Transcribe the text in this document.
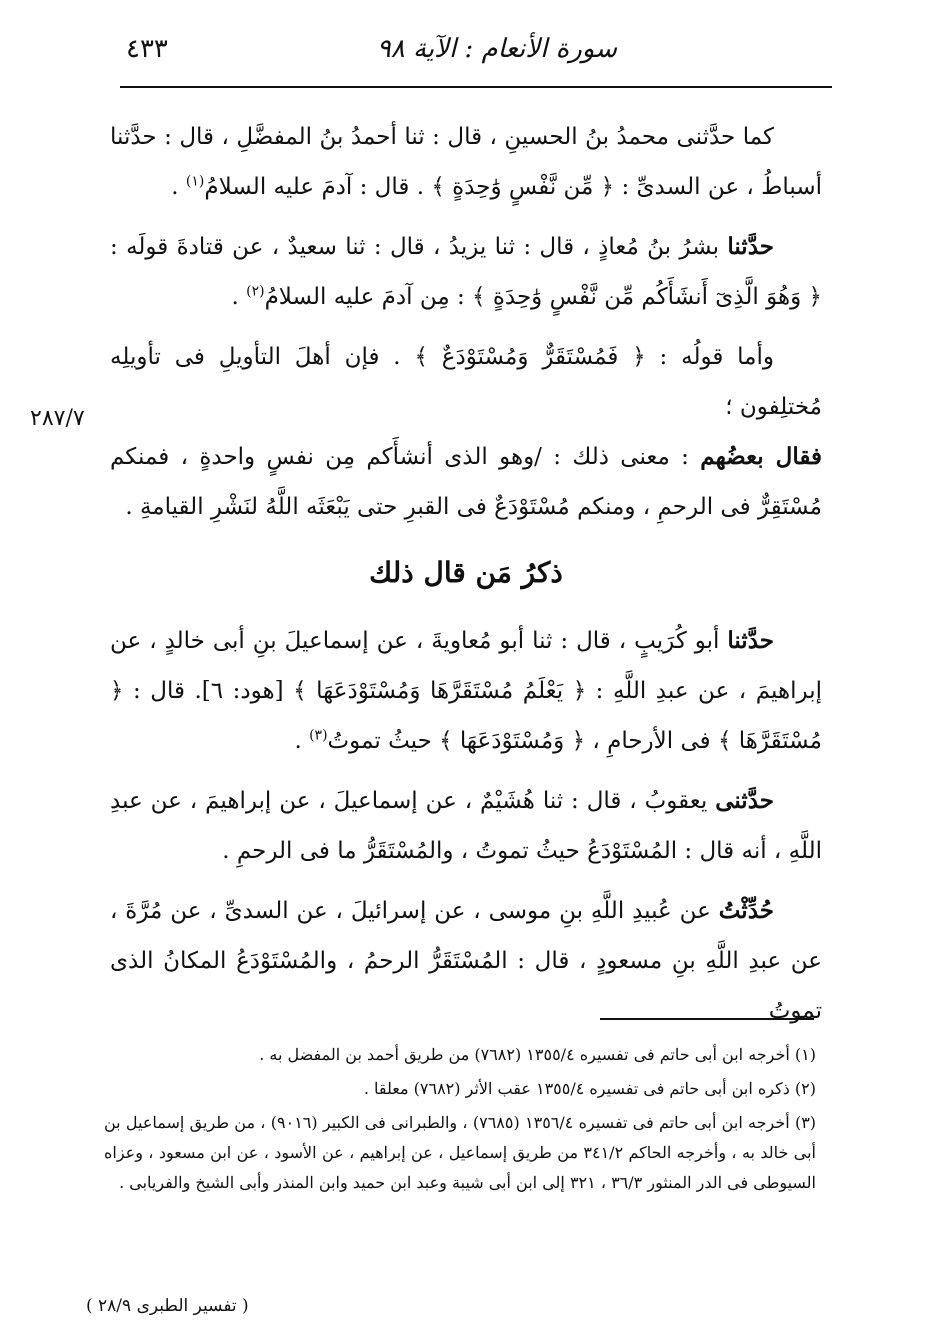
سورة الأنعام : الآية ٩٨
٤٣٣
٢٨٧/٧

كما حدَّثنى محمدُ بنُ الحسينِ ، قال : ثنا أحمدُ بنُ المفضَّلِ ، قال : حدَّثنا أسباطُ ، عن السدىِّ : ﴿ مِّن نَّفْسٍ وَٰحِدَةٍ ﴾ . قال : آدمَ عليه السلامُ$^{(١)}$ .

حدَّثنا بشرُ بنُ مُعاذٍ ، قال : ثنا يزيدُ ، قال : ثنا سعيدٌ ، عن قتادةَ قولَه : ﴿ وَهُوَ الَّذِىٓ أَنشَأَكُم مِّن نَّفْسٍ وَٰحِدَةٍ ﴾ : مِن آدمَ عليه السلامُ$^{(٢)}$ .

وأما قولُه : ﴿ فَمُسْتَقَرٌّ وَمُسْتَوْدَعٌ ﴾ . فإن أهلَ التأويلِ فى تأويلِه مُختلِفون ؛

فقال بعضُهم : معنى ذلك : /وهو الذى أنشأَكم مِن نفسٍ واحدةٍ ، فمنكم مُسْتَقِرٌّ فى الرحمِ ، ومنكم مُسْتَوْدَعٌ فى القبرِ حتى يَبْعَثَه اللَّهُ لنَشْرِ القيامةِ .

ذكرُ مَن قال ذلك

حدَّثنا أبو كُرَيبٍ ، قال : ثنا أبو مُعاويةَ ، عن إسماعيلَ بنِ أبى خالدٍ ، عن إبراهيمَ ، عن عبدِ اللَّهِ : ﴿ يَعْلَمُ مُسْتَقَرَّهَا وَمُسْتَوْدَعَهَا ﴾ [هود: ٦]. قال : ﴿ مُسْتَقَرَّهَا ﴾ فى الأرحامِ ، ﴿ وَمُسْتَوْدَعَهَا ﴾ حيثُ تموتُ$^{(٣)}$ .

حدَّثنى يعقوبُ ، قال : ثنا هُشَيْمٌ ، عن إسماعيلَ ، عن إبراهيمَ ، عن عبدِ اللَّهِ ، أنه قال : المُسْتَوْدَعُ حيثُ تموتُ ، والمُسْتَقَرُّ ما فى الرحمِ .

حُدِّثْتُ عن عُبيدِ اللَّهِ بنِ موسى ، عن إسرائيلَ ، عن السدىِّ ، عن مُرَّةَ ، عن عبدِ اللَّهِ بنِ مسعودٍ ، قال : المُسْتَقَرُّ الرحمُ ، والمُسْتَوْدَعُ المكانُ الذى تموتُ

(١) أخرجه ابن أبى حاتم فى تفسيره ١٣٥٥/٤ (٧٦٨٢) من طريق أحمد بن المفضل به .

(٢) ذكره ابن أبى حاتم فى تفسيره ١٣٥٥/٤ عقب الأثر (٧٦٨٢) معلقا .

(٣) أخرجه ابن أبى حاتم فى تفسيره ١٣٥٦/٤ (٧٦٨٥) ، والطبرانى فى الكبير (٩٠١٦) ، من طريق إسماعيل بن أبى خالد به ، وأخرجه الحاكم ٣٤١/٢ من طريق إسماعيل ، عن إبراهيم ، عن الأسود ، عن ابن مسعود ، وعزاه السيوطى فى الدر المنثور ٣٦/٣ ، ٣٢١ إلى ابن أبى شيبة وعبد ابن حميد وابن المنذر وأبى الشيخ والفريابى .

( تفسير الطبرى ٢٨/٩ )
